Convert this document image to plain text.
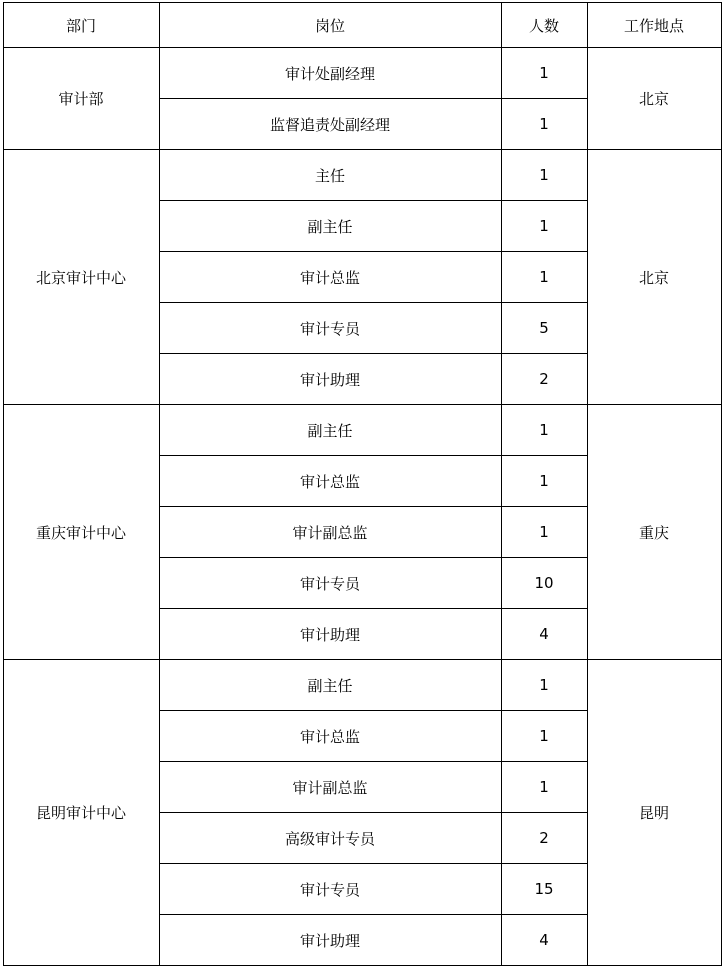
部门	岗位	人数	工作地点
审计部	审计处副经理	1	北京
	监督追责处副经理	1	
北京审计中心	主任	1	北京
	副主任	1	
	审计总监	1	
	审计专员	5	
	审计助理	2	
重庆审计中心	副主任	1	重庆
	审计总监	1	
	审计副总监	1	
	审计专员	10	
	审计助理	4	
昆明审计中心	副主任	1	昆明
	审计总监	1	
	审计副总监	1	
	高级审计专员	2	
	审计专员	15	
	审计助理	4	
